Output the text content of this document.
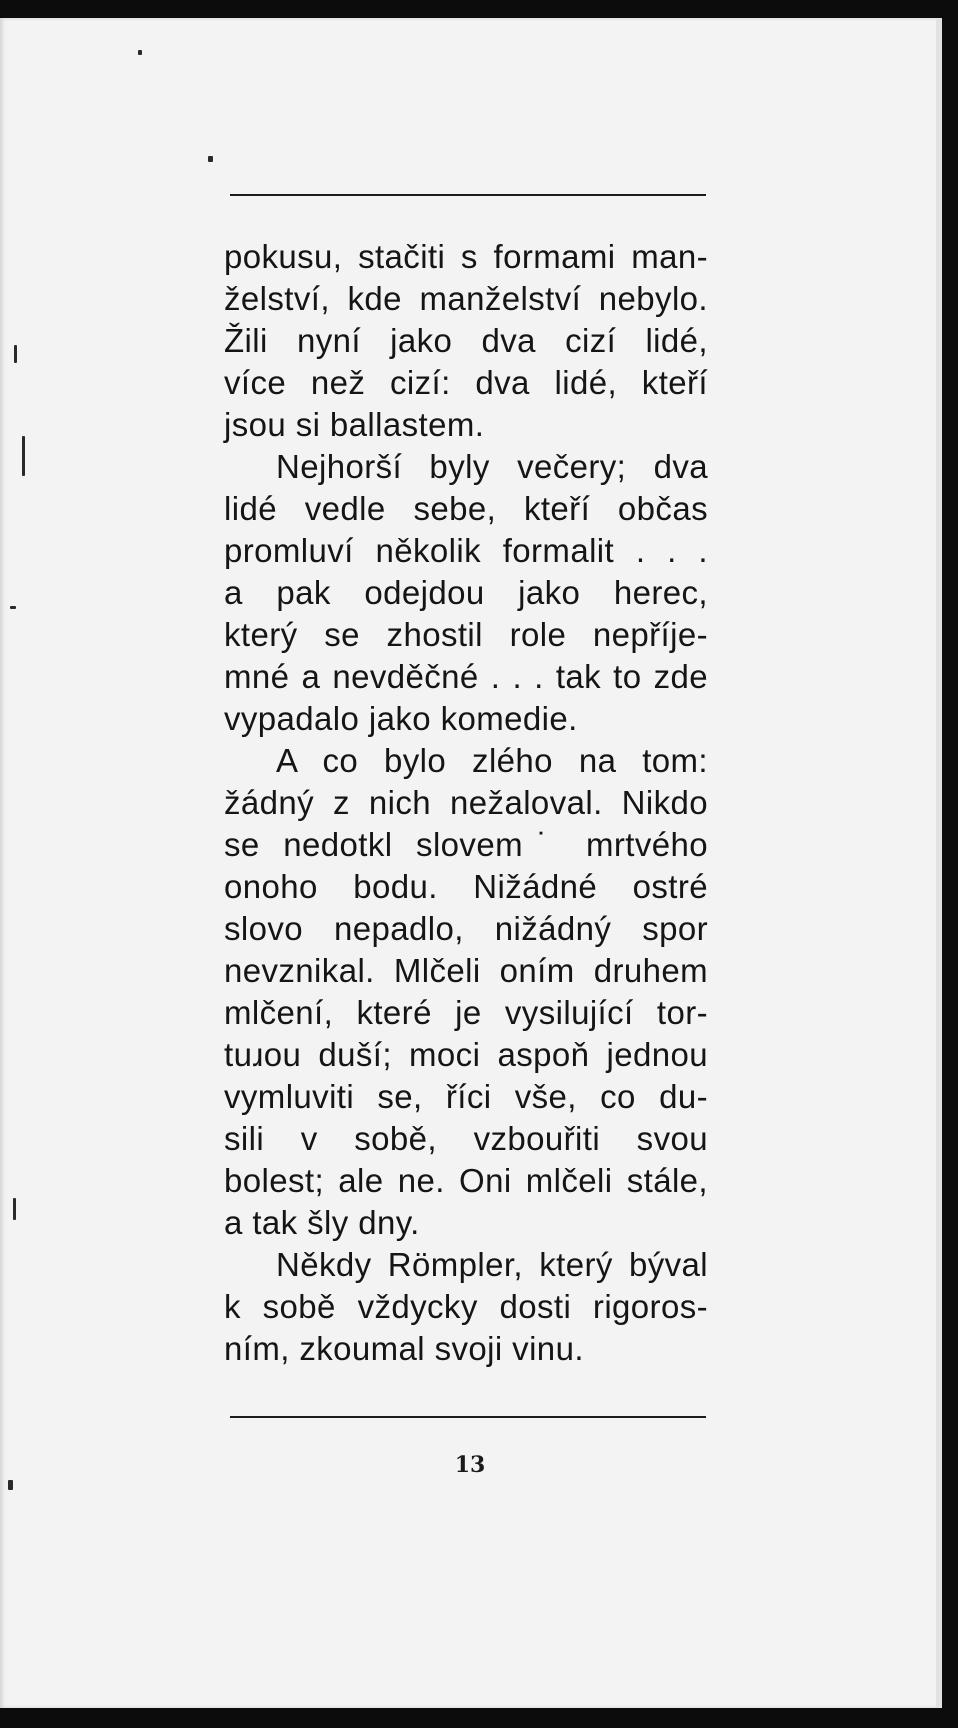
pokusu, stačiti s formami man-
želství, kde manželství nebylo.
Žili nyní jako dva cizí lidé,
více než cizí: dva lidé, kteří
jsou si ballastem.
Nejhorší byly večery; dva
lidé vedle sebe, kteří občas
promluví několik formalit . . .
a pak odejdou jako herec,
který se zhostil role nepříje-
mné a nevděčné . . . tak to zde
vypadalo jako komedie.
A co bylo zlého na tom:
žádný z nich nežaloval. Nikdo
se nedotkl slovem˙ mrtvého
onoho bodu. Nižádné ostré
slovo nepadlo, nižádný spor
nevznikal. Mlčeli oním druhem
mlčení, které je vysilující tor-
tuɹou duší; moci aspoň jednou
vymluviti se, říci vše, co du-
sili v sobě, vzbouřiti svou
bolest; ale ne. Oni mlčeli stále,
a tak šly dny.
Někdy Römpler, který býval
k sobě vždycky dosti rigoros-
ním, zkoumal svoji vinu.
13
